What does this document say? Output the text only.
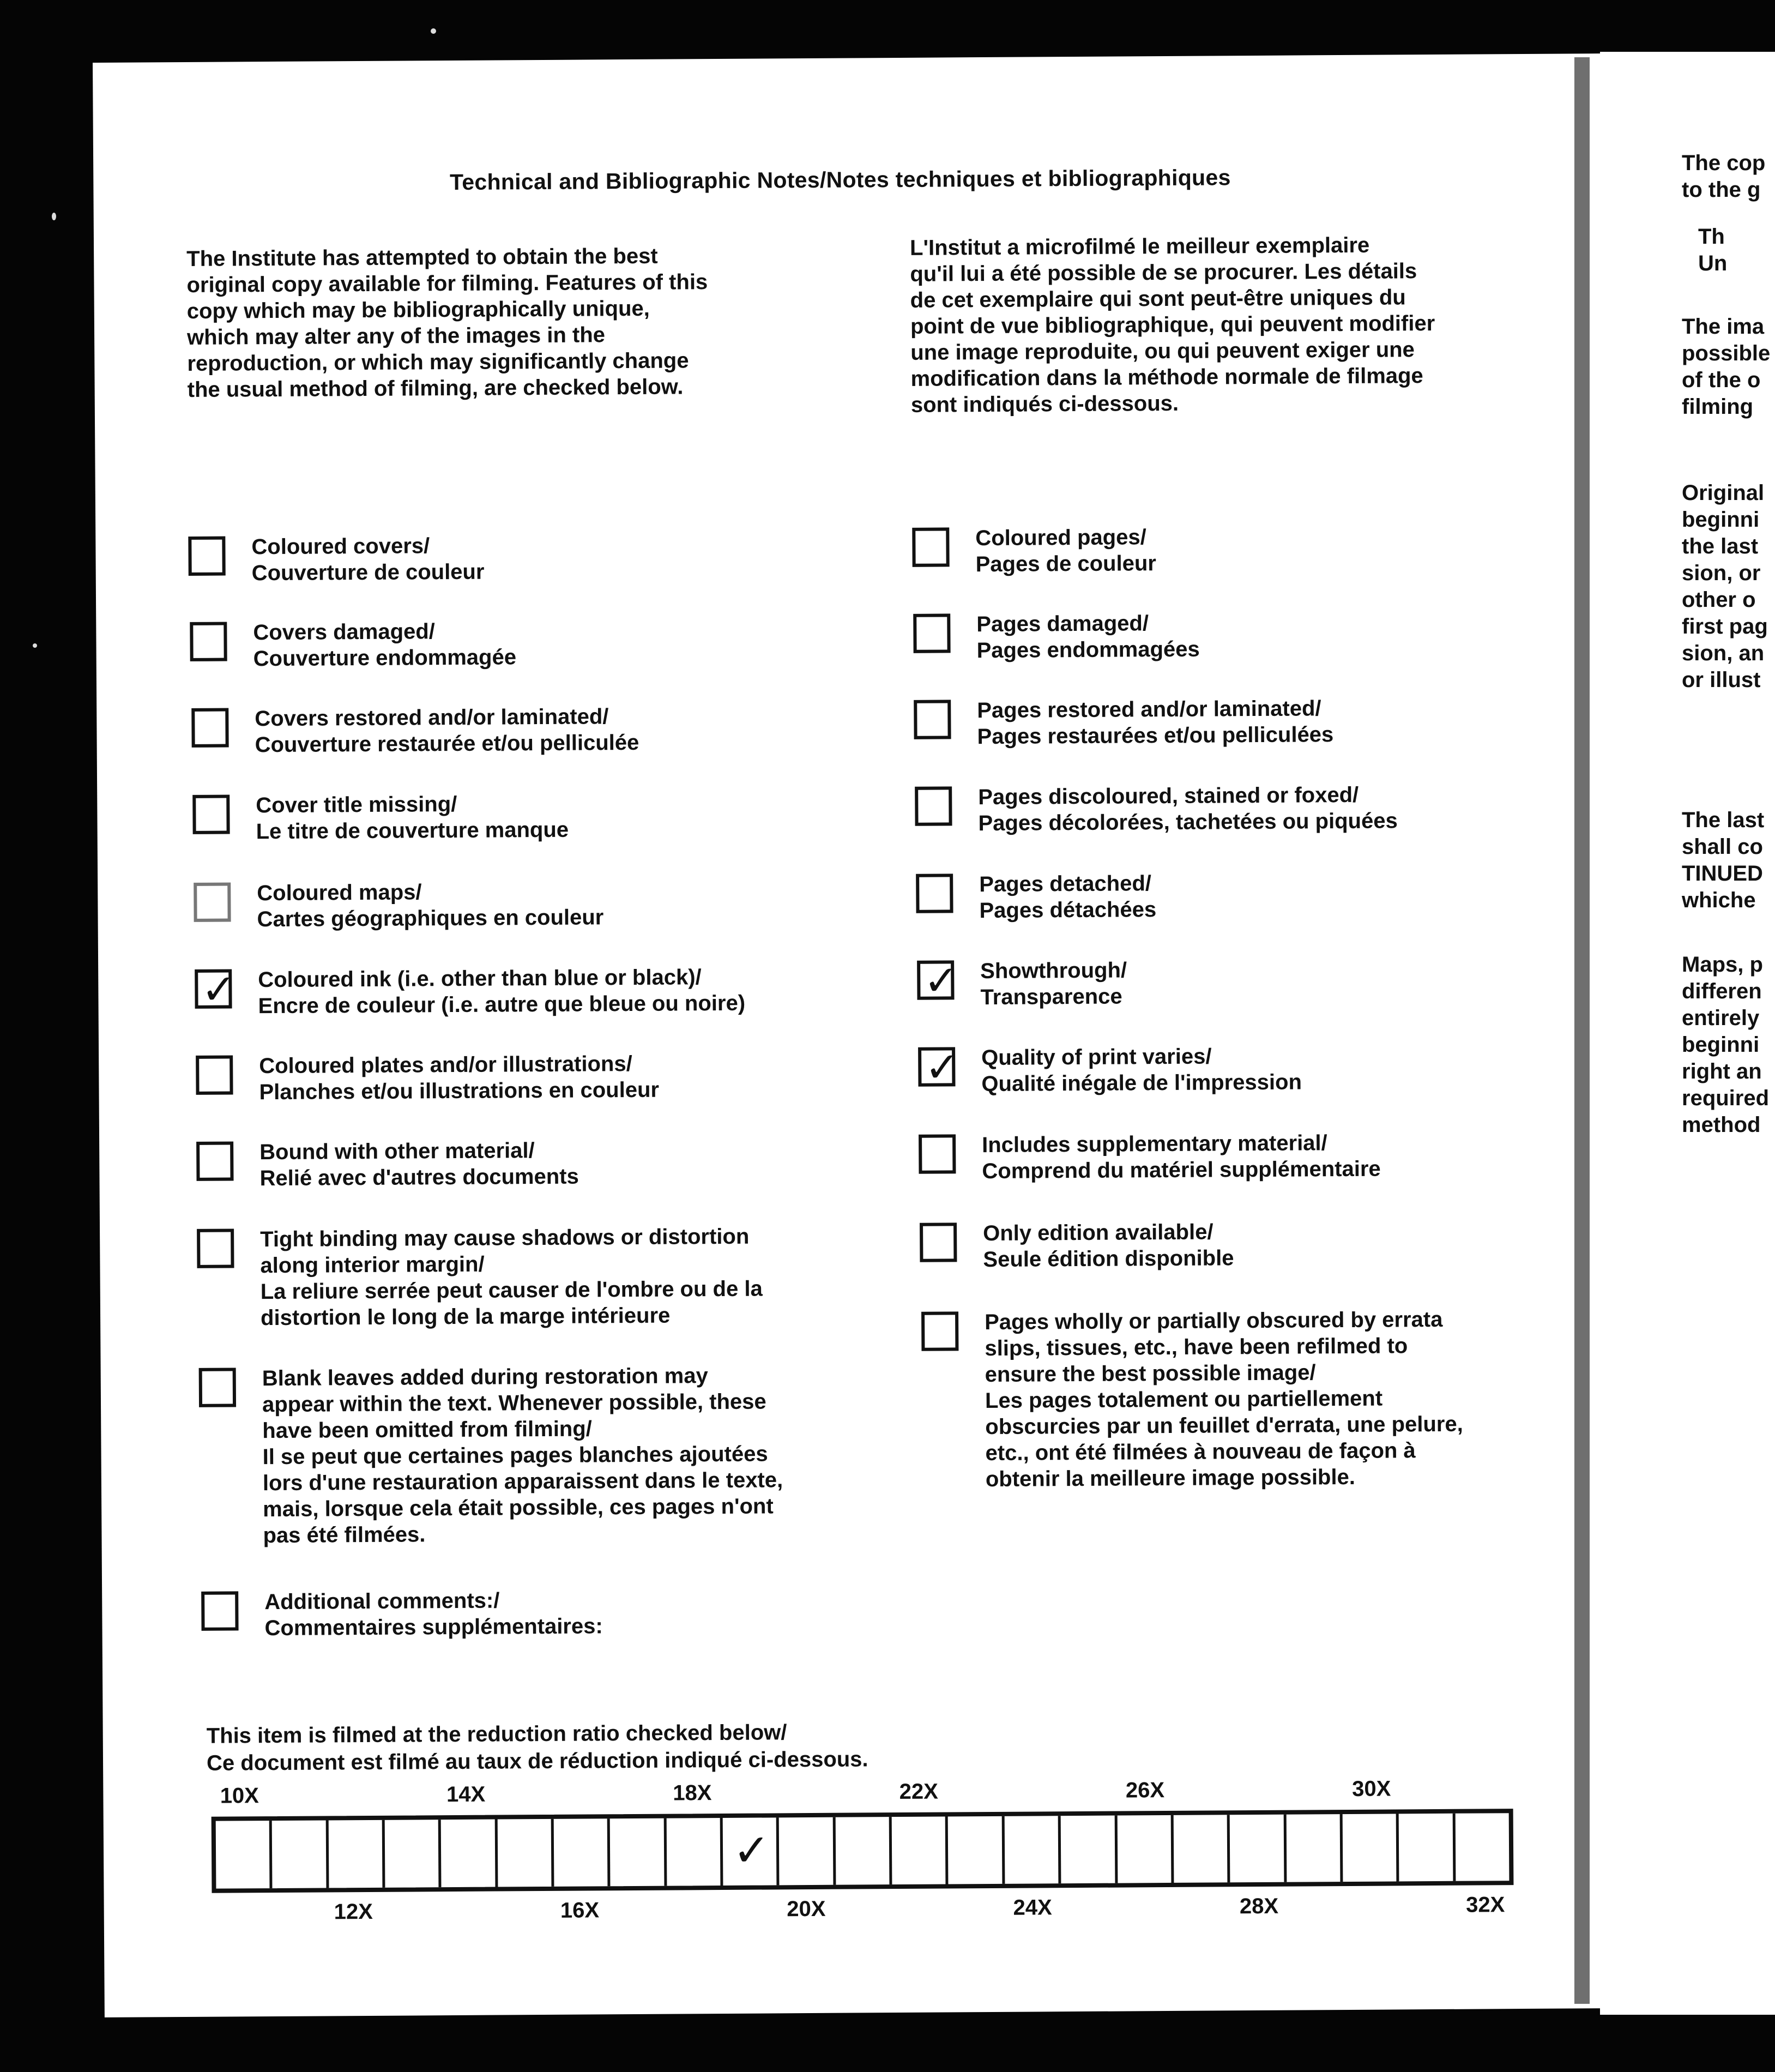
Technical and Bibliographic Notes/Notes techniques et bibliographiques
The Institute has attempted to obtain the best
original copy available for filming. Features of this
copy which may be bibliographically unique,
which may alter any of the images in the
reproduction, or which may significantly change
the usual method of filming, are checked below.
L'Institut a microfilmé le meilleur exemplaire
qu'il lui a été possible de se procurer. Les détails
de cet exemplaire qui sont peut-être uniques du
point de vue bibliographique, qui peuvent modifier
une image reproduite, ou qui peuvent exiger une
modification dans la méthode normale de filmage
sont indiqués ci-dessous.
Coloured covers/
Couverture de couleur
Covers damaged/
Couverture endommagée
Covers restored and/or laminated/
Couverture restaurée et/ou pelliculée
Cover title missing/
Le titre de couverture manque
Coloured maps/
Cartes géographiques en couleur
✓ Coloured ink (i.e. other than blue or black)/
Encre de couleur (i.e. autre que bleue ou noire)
Coloured plates and/or illustrations/
Planches et/ou illustrations en couleur
Bound with other material/
Relié avec d'autres documents
Tight binding may cause shadows or distortion
along interior margin/
La reliure serrée peut causer de l'ombre ou de la
distortion le long de la marge intérieure
Blank leaves added during restoration may
appear within the text. Whenever possible, these
have been omitted from filming/
Il se peut que certaines pages blanches ajoutées
lors d'une restauration apparaissent dans le texte,
mais, lorsque cela était possible, ces pages n'ont
pas été filmées.
Additional comments:/
Commentaires supplémentaires:
Coloured pages/
Pages de couleur
Pages damaged/
Pages endommagées
Pages restored and/or laminated/
Pages restaurées et/ou pelliculées
Pages discoloured, stained or foxed/
Pages décolorées, tachetées ou piquées
Pages detached/
Pages détachées
✓ Showthrough/
Transparence
✓ Quality of print varies/
Qualité inégale de l'impression
Includes supplementary material/
Comprend du matériel supplémentaire
Only edition available/
Seule édition disponible
Pages wholly or partially obscured by errata
slips, tissues, etc., have been refilmed to
ensure the best possible image/
Les pages totalement ou partiellement
obscurcies par un feuillet d'errata, une pelure,
etc., ont été filmées à nouveau de façon à
obtenir la meilleure image possible.
This item is filmed at the reduction ratio checked below/
Ce document est filmé au taux de réduction indiqué ci-dessous.
10X	14X	18X	22X	26X	30X
✓
12X	16X	20X	24X	28X	32X
The cop
to the g
Th
Un
The ima
possible
of the o
filming
Original
beginni
the last
sion, or
other o
first pag
sion, an
or illust
The last
shall co
TINUED
whiche
Maps, p
differen
entirely
beginni
right an
required
method
